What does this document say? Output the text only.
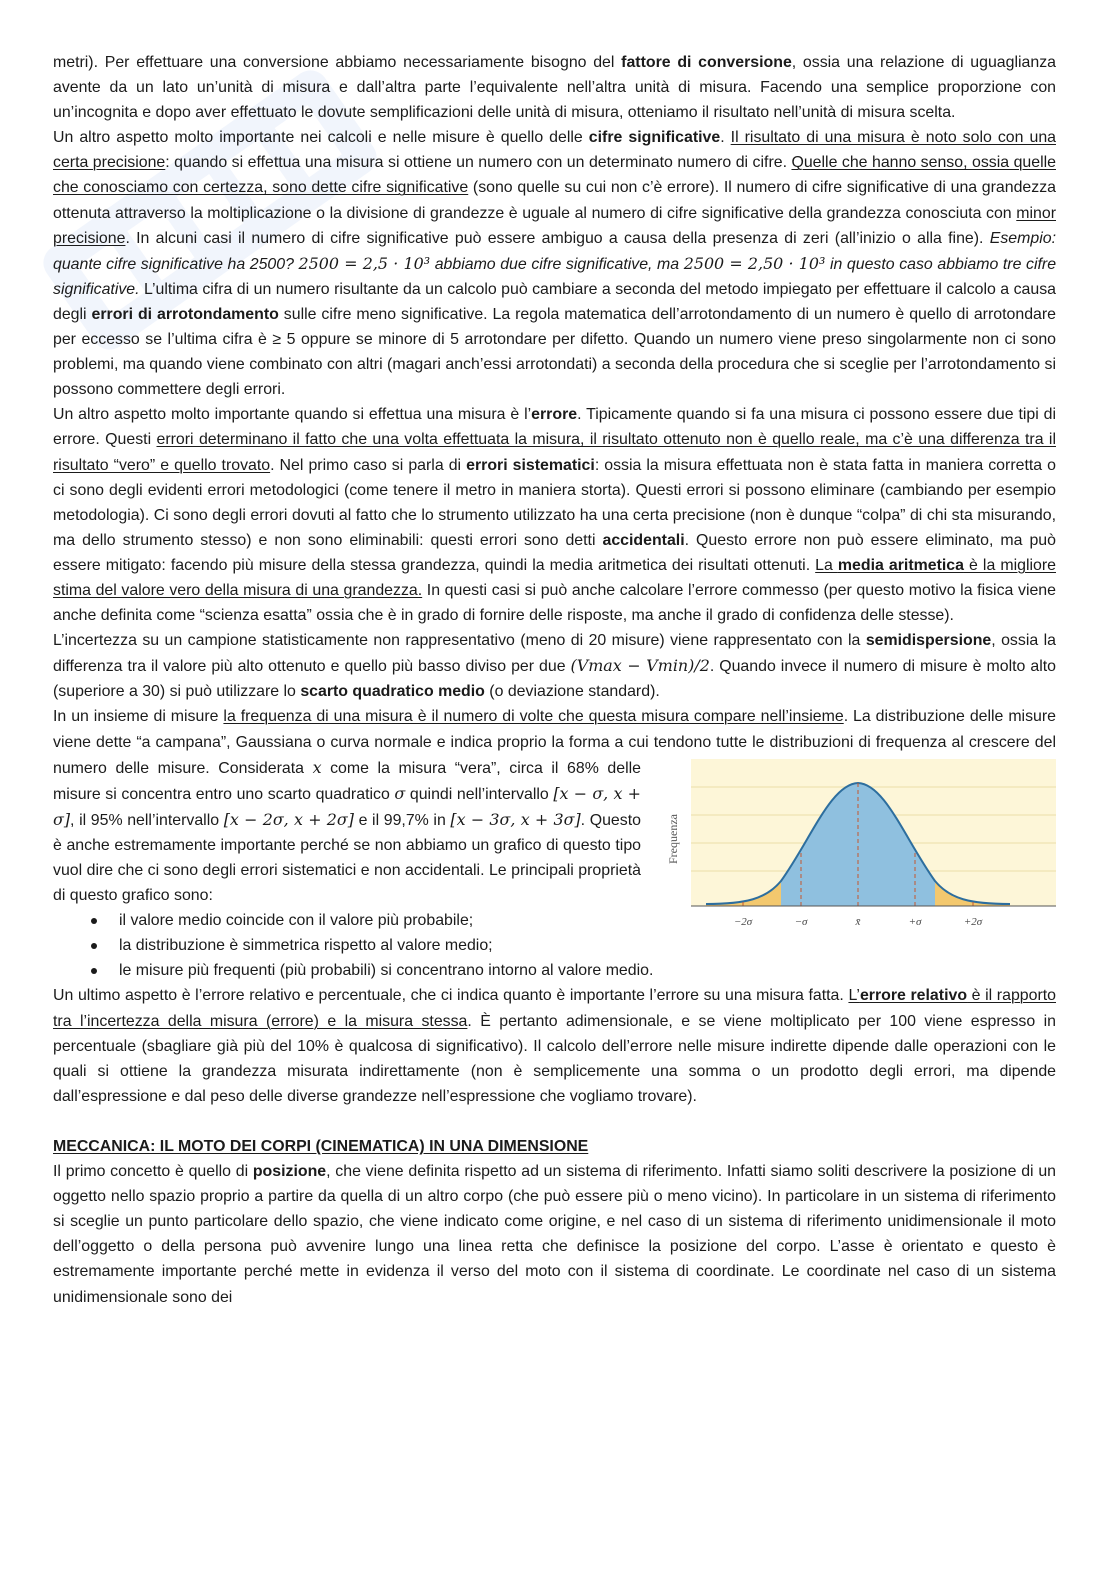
metri). Per effettuare una conversione abbiamo necessariamente bisogno del fattore di conversione, ossia una relazione di uguaglianza avente da un lato un’unità di misura e dall’altra parte l’equivalente nell’altra unità di misura. Facendo una semplice proporzione con un’incognita e dopo aver effettuato le dovute semplificazioni delle unità di misura, otteniamo il risultato nell’unità di misura scelta.

Un altro aspetto molto importante nei calcoli e nelle misure è quello delle cifre significative. Il risultato di una misura è noto solo con una certa precisione: quando si effettua una misura si ottiene un numero con un determinato numero di cifre. Quelle che hanno senso, ossia quelle che conosciamo con certezza, sono dette cifre significative (sono quelle su cui non c’è errore). Il numero di cifre significative di una grandezza ottenuta attraverso la moltiplicazione o la divisione di grandezze è uguale al numero di cifre significative della grandezza conosciuta con minor precisione. In alcuni casi il numero di cifre significative può essere ambiguo a causa della presenza di zeri (all’inizio o alla fine). Esempio: quante cifre significative ha 2500? 2500 = 2,5 · 10³ abbiamo due cifre significative, ma 2500 = 2,50 · 10³ in questo caso abbiamo tre cifre significative. L’ultima cifra di un numero risultante da un calcolo può cambiare a seconda del metodo impiegato per effettuare il calcolo a causa degli errori di arrotondamento sulle cifre meno significative. La regola matematica dell’arrotondamento di un numero è quello di arrotondare per eccesso se l’ultima cifra è ≥ 5 oppure se minore di 5 arrotondare per difetto. Quando un numero viene preso singolarmente non ci sono problemi, ma quando viene combinato con altri (magari anch’essi arrotondati) a seconda della procedura che si sceglie per l’arrotondamento si possono commettere degli errori.

Un altro aspetto molto importante quando si effettua una misura è l’errore. Tipicamente quando si fa una misura ci possono essere due tipi di errore. Questi errori determinano il fatto che una volta effettuata la misura, il risultato ottenuto non è quello reale, ma c’è una differenza tra il risultato “vero” e quello trovato. Nel primo caso si parla di errori sistematici: ossia la misura effettuata non è stata fatta in maniera corretta o ci sono degli evidenti errori metodologici (come tenere il metro in maniera storta). Questi errori si possono eliminare (cambiando per esempio metodologia). Ci sono degli errori dovuti al fatto che lo strumento utilizzato ha una certa precisione (non è dunque “colpa” di chi sta misurando, ma dello strumento stesso) e non sono eliminabili: questi errori sono detti accidentali. Questo errore non può essere eliminato, ma può essere mitigato: facendo più misure della stessa grandezza, quindi la media aritmetica dei risultati ottenuti. La media aritmetica è la migliore stima del valore vero della misura di una grandezza. In questi casi si può anche calcolare l’errore commesso (per questo motivo la fisica viene anche definita come “scienza esatta” ossia che è in grado di fornire delle risposte, ma anche il grado di confidenza delle stesse).

L’incertezza su un campione statisticamente non rappresentativo (meno di 20 misure) viene rappresentato con la semidispersione, ossia la differenza tra il valore più alto ottenuto e quello più basso diviso per due (Vmax − Vmin)/2. Quando invece il numero di misure è molto alto (superiore a 30) si può utilizzare lo scarto quadratico medio (o deviazione standard).

In un insieme di misure la frequenza di una misura è il numero di volte che questa misura compare nell’insieme. La distribuzione delle misure viene dette “a campana”, Gaussiana o curva normale e indica proprio la forma a cui tendono tutte le distribuzioni di frequenza al crescere del numero delle misure. Considerata
Frequenza
−2σ	−σ	x̄	+σ	+2σ
x come la misura “vera”, circa il 68% delle misure si concentra entro uno scarto quadratico σ quindi nell’intervallo [x − σ, x + σ], il 95% nell’intervallo [x − 2σ, x + 2σ] e il 99,7% in [x − 3σ, x + 3σ]. Questo è anche estremamente importante perché se non abbiamo un grafico di questo tipo vuol dire che ci sono degli errori sistematici e non accidentali. Le principali proprietà di questo grafico sono:

il valore medio coincide con il valore più probabile;
la distribuzione è simmetrica rispetto al valore medio;
le misure più frequenti (più probabili) si concentrano intorno al valore medio.

Un ultimo aspetto è l’errore relativo e percentuale, che ci indica quanto è importante l’errore su una misura fatta. L’errore relativo è il rapporto tra l’incertezza della misura (errore) e la misura stessa. È pertanto adimensionale, e se viene moltiplicato per 100 viene espresso in percentuale (sbagliare già più del 10% è qualcosa di significativo). Il calcolo dell’errore nelle misure indirette dipende dalle operazioni con le quali si ottiene la grandezza misurata indirettamente (non è semplicemente una somma o un prodotto degli errori, ma dipende dall’espressione e dal peso delle diverse grandezze nell’espressione che vogliamo trovare).

MECCANICA: IL MOTO DEI CORPI (CINEMATICA) IN UNA DIMENSIONE

Il primo concetto è quello di posizione, che viene definita rispetto ad un sistema di riferimento. Infatti siamo soliti descrivere la posizione di un oggetto nello spazio proprio a partire da quella di un altro corpo (che può essere più o meno vicino). In particolare in un sistema di riferimento si sceglie un punto particolare dello spazio, che viene indicato come origine, e nel caso di un sistema di riferimento unidimensionale il moto dell’oggetto o della persona può avvenire lungo una linea retta che definisce la posizione del corpo. L’asse è orientato e questo è estremamente importante perché mette in evidenza il verso del moto con il sistema di coordinate. Le coordinate nel caso di un sistema unidimensionale sono dei
